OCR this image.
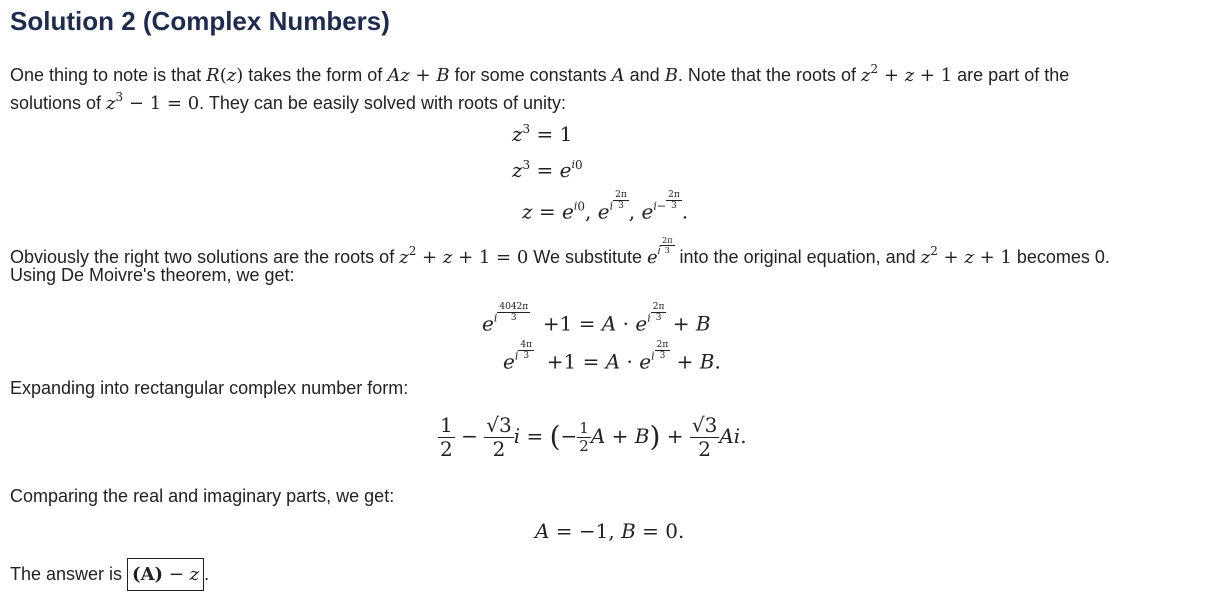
Solution 2 (Complex Numbers)
One thing to note is that R(z) takes the form of Az + B for some constants A and B. Note that the roots of $z^2 + z + 1$ are part of the
solutions of $z^3 - 1 = 0$. They can be easily solved with roots of unity:
$z^3 = 1$
$z^3 = e^{i0}$
$z = e^{i0}$, $e^i \frac{2\pi}{3}$ , $e^{i-} \frac{2\pi}{3}$ .
Obviously the right two solutions are the roots of $z^2 + z + 1 = 0$ We substitute $e^i \frac{2\pi}{3}$
into the original equation, and $z^2 + z + 1$ becomes 0.
Using De Moivre's theorem, we get:
$e^i \frac{4042\pi}{3} +1 = A \cdot e^i \frac{2\pi}{3} + B$
$e^i \frac{4\pi}{3} +1 = A \cdot e^i \frac{2\pi}{3} + B$.
Expanding into rectangular complex number form:
$\frac{1}{2} - \frac{√3}{2}$ i = (− $\frac{1}{2}$ $A + B) + \frac{√3}{2} Ai$.
Comparing the real and imaginary parts, we get:
A = −1, B = 0.
The answer is (A) − z .
